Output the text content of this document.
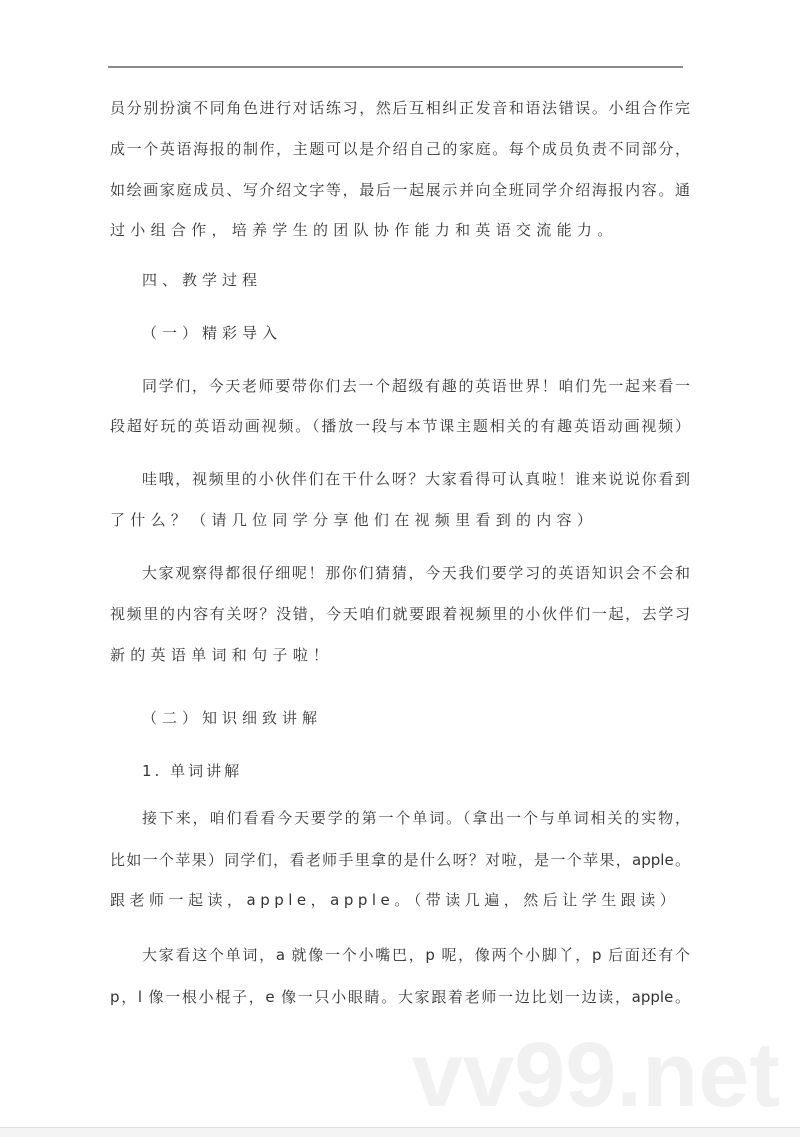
员分别扮演不同角色进行对话练习，然后互相纠正发音和语法错误。小组合作完
成一个英语海报的制作，主题可以是介绍自己的家庭。每个成员负责不同部分，
如绘画家庭成员、写介绍文字等，最后一起展示并向全班同学介绍海报内容。通
过小组合作，培养学生的团队协作能力和英语交流能力。
四、教学过程
（一）精彩导入
同学们，今天老师要带你们去一个超级有趣的英语世界！咱们先一起来看一
段超好玩的英语动画视频。（播放一段与本节课主题相关的有趣英语动画视频）
哇哦，视频里的小伙伴们在干什么呀？大家看得可认真啦！谁来说说你看到
了什么？（请几位同学分享他们在视频里看到的内容）
大家观察得都很仔细呢！那你们猜猜，今天我们要学习的英语知识会不会和
视频里的内容有关呀？没错，今天咱们就要跟着视频里的小伙伴们一起，去学习
新的英语单词和句子啦！
（二）知识细致讲解
1. 单词讲解
接下来，咱们看看今天要学的第一个单词。（拿出一个与单词相关的实物，
比如一个苹果）同学们，看老师手里拿的是什么呀？对啦，是一个苹果，apple。
跟老师一起读，apple，apple。（带读几遍，然后让学生跟读）
大家看这个单词，a 就像一个小嘴巴，p 呢，像两个小脚丫，p 后面还有个
p，l 像一根小棍子，e 像一只小眼睛。大家跟着老师一边比划一边读，apple。
vv99.net
